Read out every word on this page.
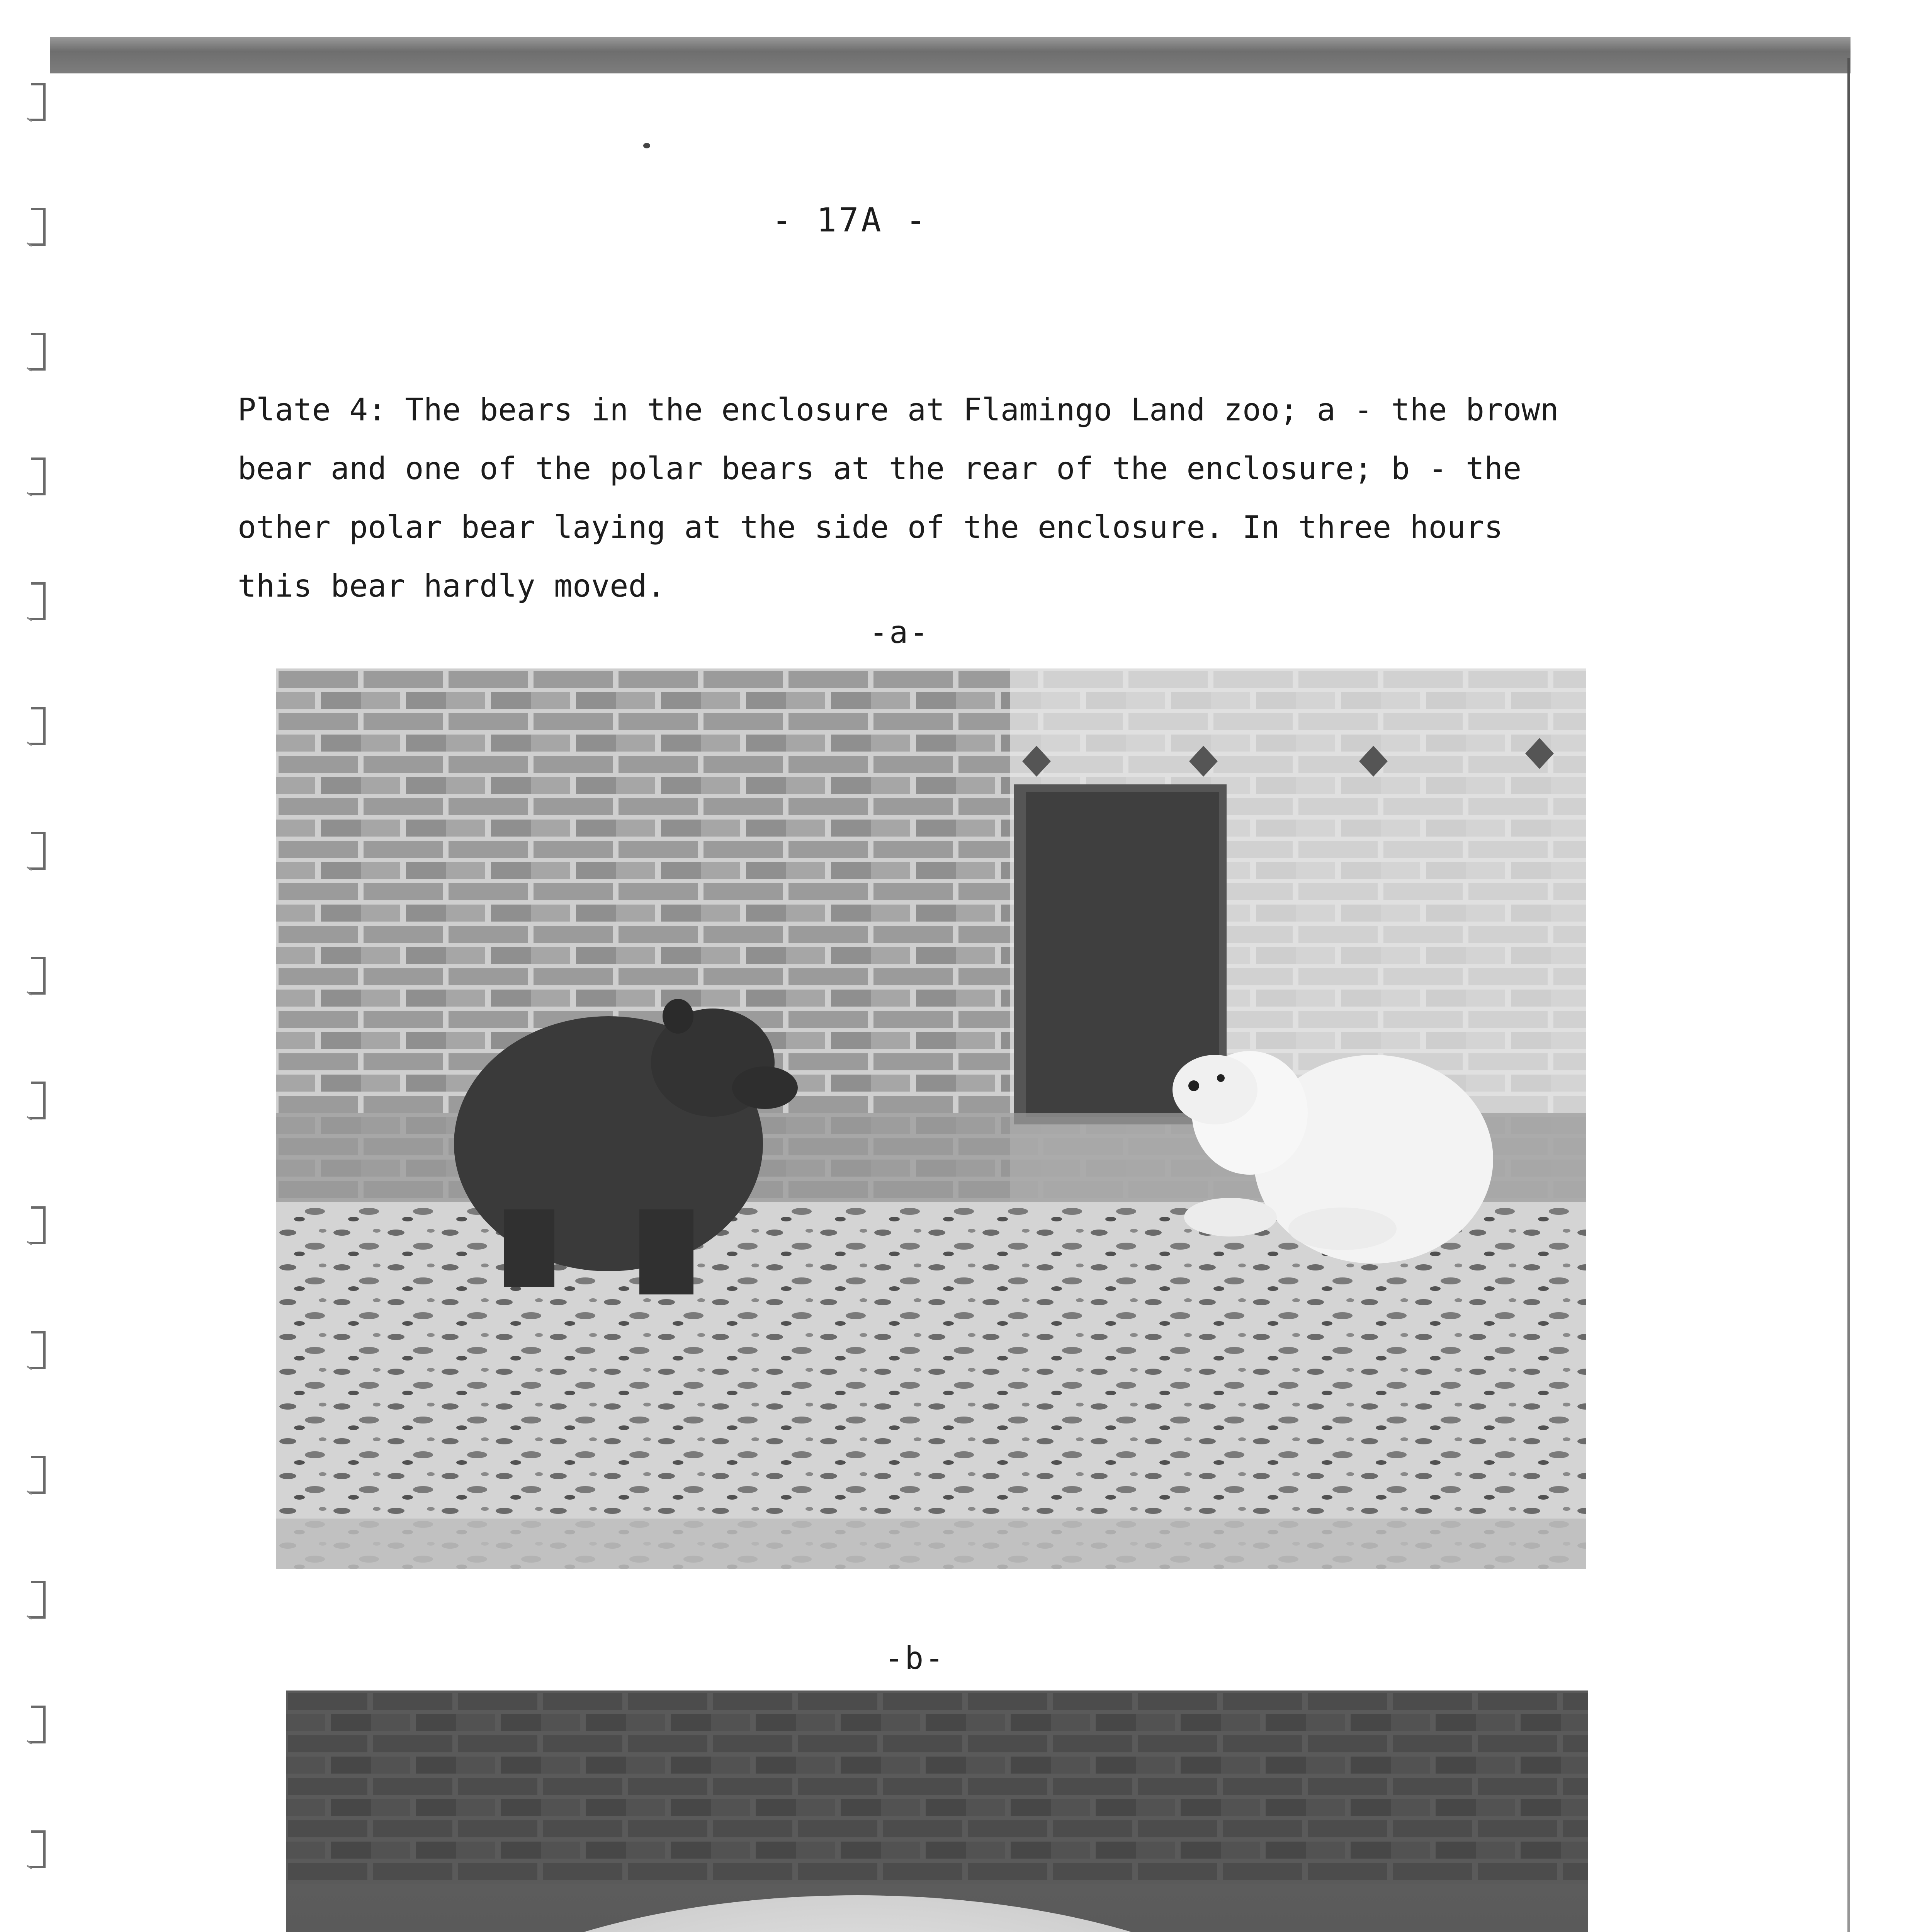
- 17A -
Plate 4: The bears in the enclosure at Flamingo Land zoo; a - the brown
bear and one of the polar bears at the rear of the enclosure; b - the
other polar bear laying at the side of the enclosure. In three hours
this bear hardly moved.
-a-
-b-
